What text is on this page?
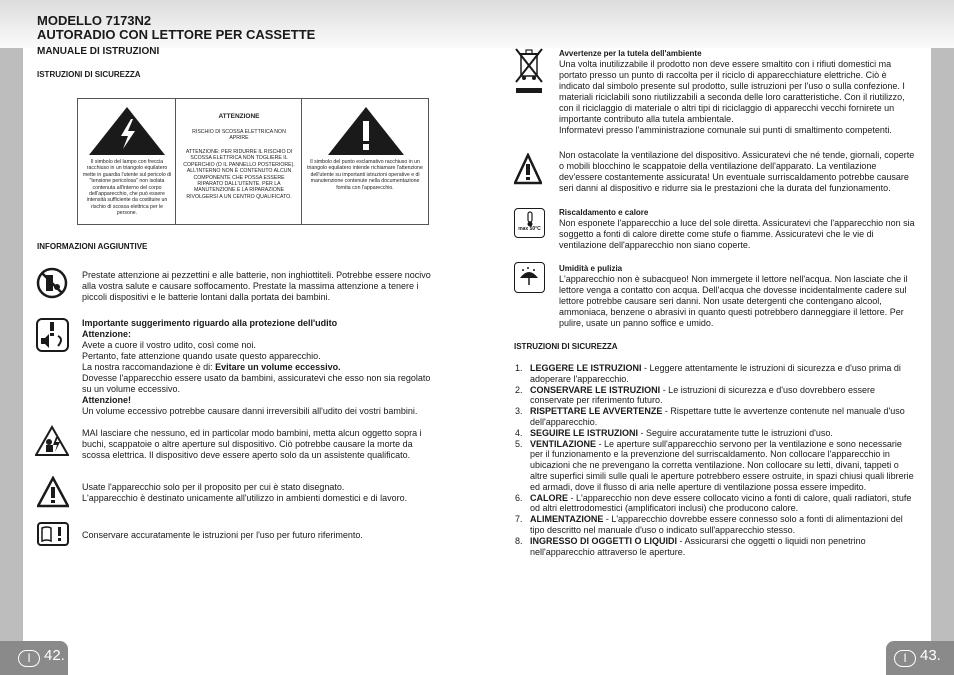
MODELLO 7173N2
AUTORADIO CON LETTORE PER CASSETTE
MANUALE DI ISTRUZIONI
ISTRUZIONI DI SICUREZZA
Il simbolo del lampo con freccia racchiuso in un triangolo equilatero mette in guardia l'utente sul pericolo di "tensione pericolosa" non isolata contenuta all'interno del corpo dell'apparecchio, che può essere intensità sufficiente da costituire un rischio di scossa elettrica per le persone.
ATTENZIONE
RISCHIO DI SCOSSA ELETTRICA NON APRIRE
ATTENZIONE: PER RIDURRE IL RISCHIO DI SCOSSA ELETTRICA NON TOGLIERE IL COPERCHIO (O IL PANNELLO POSTERIORE). ALL'INTERNO NON È CONTENUTO ALCUN COMPONENTE CHE POSSA ESSERE RIPARATO DALL'UTENTE. PER LA MANUTENZIONE E LA RIPARAZIONE RIVOLGERSI A UN CENTRO QUALIFICATO.
Il simbolo del punto esclamativo racchiuso in un triangolo equilatero intende richiamare l'attenzione dell'utente su importanti istruzioni operative e di manutenzione contenute nella documentazione fornita con l'apparecchio.
INFORMAZIONI AGGIUNTIVE
Prestate attenzione ai pezzettini e alle batterie, non inghiottiteli. Potrebbe essere nocivo alla vostra salute e causare soffocamento. Prestate la massima attenzione a tenere i piccoli dispositivi e le batterie lontani dalla portata dei bambini.
Importante suggerimento riguardo alla protezione dell'udito
Attenzione:
Avete a cuore il vostro udito, così come noi.
Pertanto, fate attenzione quando usate questo apparecchio.
La nostra raccomandazione è di: Evitare un volume eccessivo.
Dovesse l'apparecchio essere usato da bambini, assicuratevi che esso non sia regolato su un volume eccessivo.
Attenzione!
Un volume eccessivo potrebbe causare danni irreversibili all'udito dei vostri bambini.
MAI lasciare che nessuno, ed in particolar modo bambini, metta alcun oggetto sopra i buchi, scappatoie o altre aperture sul dispositivo. Ciò potrebbe causare la morte da scossa elettrica. Il dispositivo deve essere aperto solo da un assistente qualificato.
Usate l'apparecchio solo per il proposito per cui è stato disegnato.
L'apparecchio è destinato unicamente all'utilizzo in ambienti domestici e di lavoro.
Conservare accuratamente le istruzioni per l'uso per futuro riferimento.
Avvertenze per la tutela dell'ambiente
Una volta inutilizzabile il prodotto non deve essere smaltito con i rifiuti domestici ma portato presso un punto di raccolta per il riciclo di apparecchiature elettriche. Ciò è indicato dal simbolo presente sul prodotto, sulle istruzioni per l'uso o sulla confezione. I materiali riciclabili sono riutilizzabili a seconda delle loro caratteristiche. Con il riutilizzo, con il riciclaggio di materiale o altri tipi di riciclaggio di apparecchi vecchi fornirete un importante contributo alla tutela ambientale.
Informatevi presso l'amministrazione comunale sui punti di smaltimento competenti.
Non ostacolate la ventilazione del dispositivo. Assicuratevi che né tende, giornali, coperte o mobili blocchino le scappatoie della ventilazione dell'apparato. La ventilazione dev'essere costantemente assicurata! Un eventuale surriscaldamento potrebbe causare seri danni al dispositivo e ridurre sia le prestazioni che la durata del funzionamento.
max 50°C
Riscaldamento e calore
Non esponete l'apparecchio a luce del sole diretta. Assicuratevi che l'apparecchio non sia soggetto a fonti di calore dirette come stufe o fiamme. Assicuratevi che le vie di ventilazione dell'apparecchio non siano coperte.
Umidità e pulizia
L'apparecchio non è subacqueo! Non immergete il lettore nell'acqua. Non lasciate che il lettore venga a contatto con acqua. Dell'acqua che dovesse incidentalmente cadere sul lettore potrebbe causare seri danni. Non usate detergenti che contengano alcool, ammoniaca, benzene o abrasivi in quanto questi potrebbero danneggiare il lettore. Per pulire, usate un panno soffice e umido.
ISTRUZIONI DI SICUREZZA
1. LEGGERE LE ISTRUZIONI - Leggere attentamente le istruzioni di sicurezza e d'uso prima di adoperare l'apparecchio.
2. CONSERVARE LE ISTRUZIONI - Le istruzioni di sicurezza e d'uso dovrebbero essere conservate per riferimento futuro.
3. RISPETTARE LE AVVERTENZE - Rispettare tutte le avvertenze contenute nel manuale d'uso dell'apparecchio.
4. SEGUIRE LE ISTRUZIONI - Seguire accuratamente tutte le istruzioni d'uso.
5. VENTILAZIONE - Le aperture sull'apparecchio servono per la ventilazione e sono necessarie per il funzionamento e la prevenzione del surriscaldamento. Non collocare l'apparecchio in ubicazioni che ne prevengano la corretta ventilazione. Non collocare su letti, divani, tappeti o altre superfici simili sulle quali le aperture potrebbero essere ostruite, in spazi chiusi quali librerie ed armadi, dove il flusso di aria nelle aperture di ventilazione possa essere impedito.
6. CALORE - L'apparecchio non deve essere collocato vicino a fonti di calore, quali radiatori, stufe od altri elettrodomestici (amplificatori inclusi) che producono calore.
7. ALIMENTAZIONE - L'apparecchio dovrebbe essere connesso solo a fonti di alimentazioni del tipo descritto nel manuale d'uso o indicato sull'apparecchio stesso.
8. INGRESSO DI OGGETTI O LIQUIDI - Assicurarsi che oggetti o liquidi non penetrino nell'apparecchio attraverso le aperture.
I 42.	I 43.
